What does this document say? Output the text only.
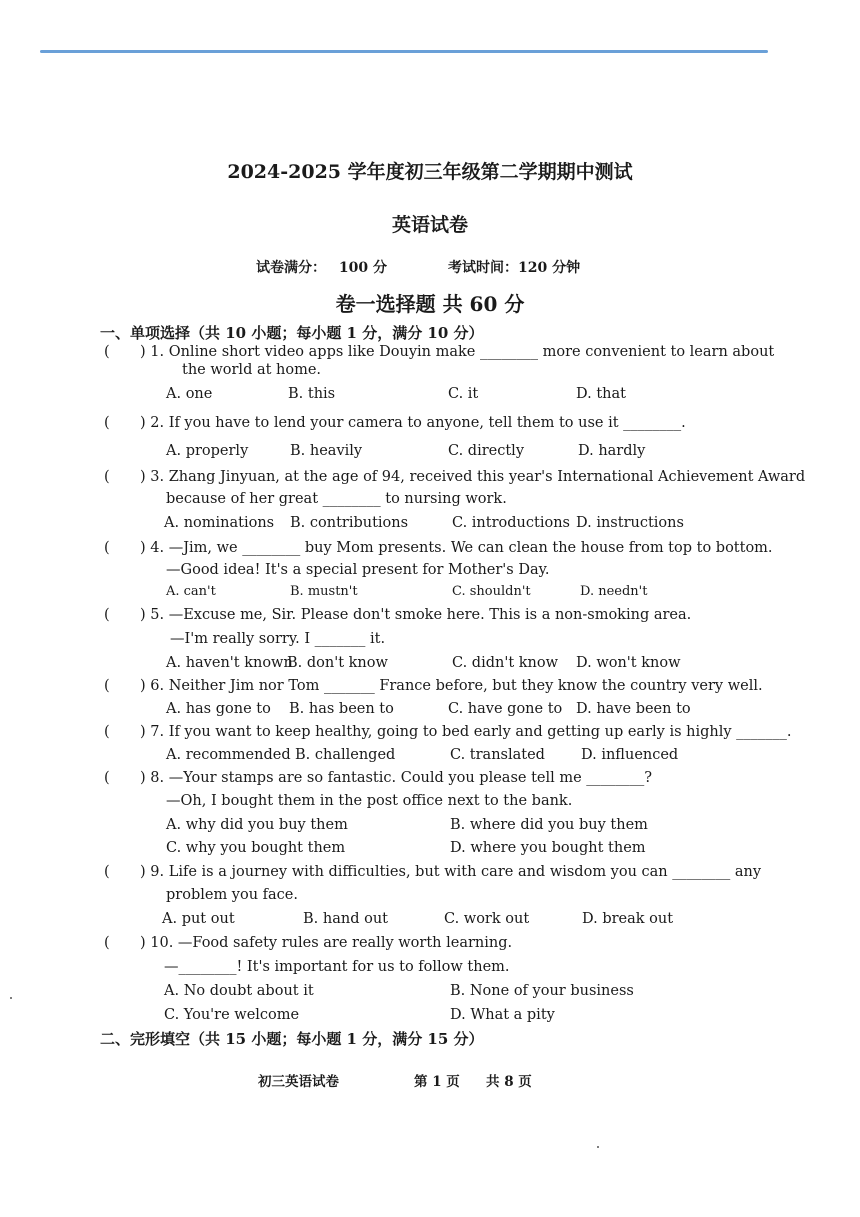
2024-2025 学年度初三年级第二学期期中测试
英语试卷
试卷满分： 100 分	考试时间：120 分钟
卷一选择题 共 60 分
一、单项选择（共 10 小题；每小题 1 分，满分 10 分）
( ) 1. Online short video apps like Douyin make ________ more convenient to learn about
the world at home.
A. one	B. this	C. it	D. that
( ) 2. If you have to lend your camera to anyone, tell them to use it ________.
A. properly	B. heavily	C. directly	D. hardly
( ) 3. Zhang Jinyuan, at the age of 94, received this year's International Achievement Award
because of her great ________ to nursing work.
A. nominations B. contributions	C. introductions D. instructions
( ) 4. —Jim, we ________ buy Mom presents. We can clean the house from top to bottom.
—Good idea! It's a special present for Mother's Day.
A. can't	B. mustn't	C. shouldn't	D. needn't
( ) 5. —Excuse me, Sir. Please don't smoke here. This is a non-smoking area.
—I'm really sorry. I _______ it.
A. haven't known
B. don't know	C. didn't know D. won't know
( ) 6. Neither Jim nor Tom _______ France before, but they know the country very well.
A. has gone to B. has been to	C. have gone to D. have been to
( ) 7. If you want to keep healthy, going to bed early and getting up early is highly _______.
A. recommended B. challenged	C. translated D. influenced
( ) 8. —Your stamps are so fantastic. Could you please tell me ________?
—Oh, I bought them in the post office next to the bank.
A. why did you buy them	B. where did you buy them
C. why you bought them	D. where you bought them
( ) 9. Life is a journey with difficulties, but with care and wisdom you can ________ any
problem you face.
A. put out	B. hand out	C. work out	D. break out
( ) 10. —Food safety rules are really worth learning.
—________! It's important for us to follow them.
A. No doubt about it	B. None of your business
C. You're welcome	D. What a pity
二、完形填空（共 15 小题；每小题 1 分，满分 15 分）
初三英语试卷	第 1 页 共 8 页
